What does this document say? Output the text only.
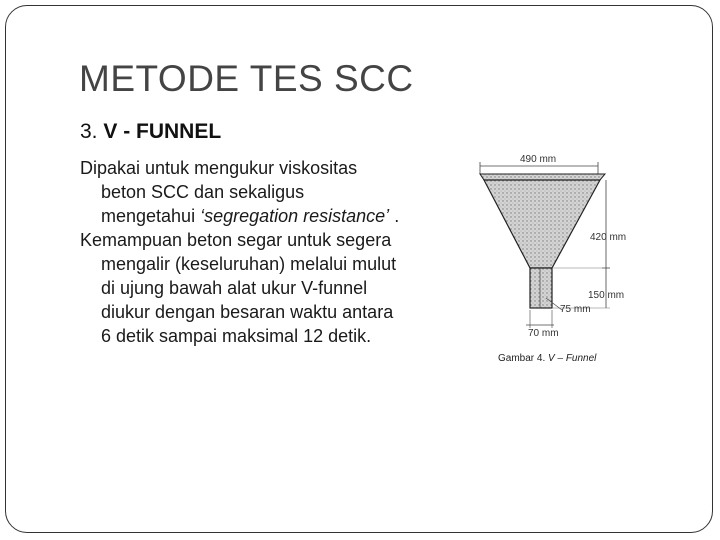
METODE TES SCC
3. V - FUNNEL

Dipakai untuk mengukur viskositas beton SCC dan sekaligus mengetahui ‘segregation resistance’ .

Kemampuan beton segar untuk segera mengalir (keseluruhan) melalui mulut di ujung bawah alat ukur V-funnel diukur dengan besaran waktu antara 6 detik sampai maksimal 12 detik.

490 mm
420 mm
150 mm
75 mm
70 mm
Gambar 4. V – Funnel
